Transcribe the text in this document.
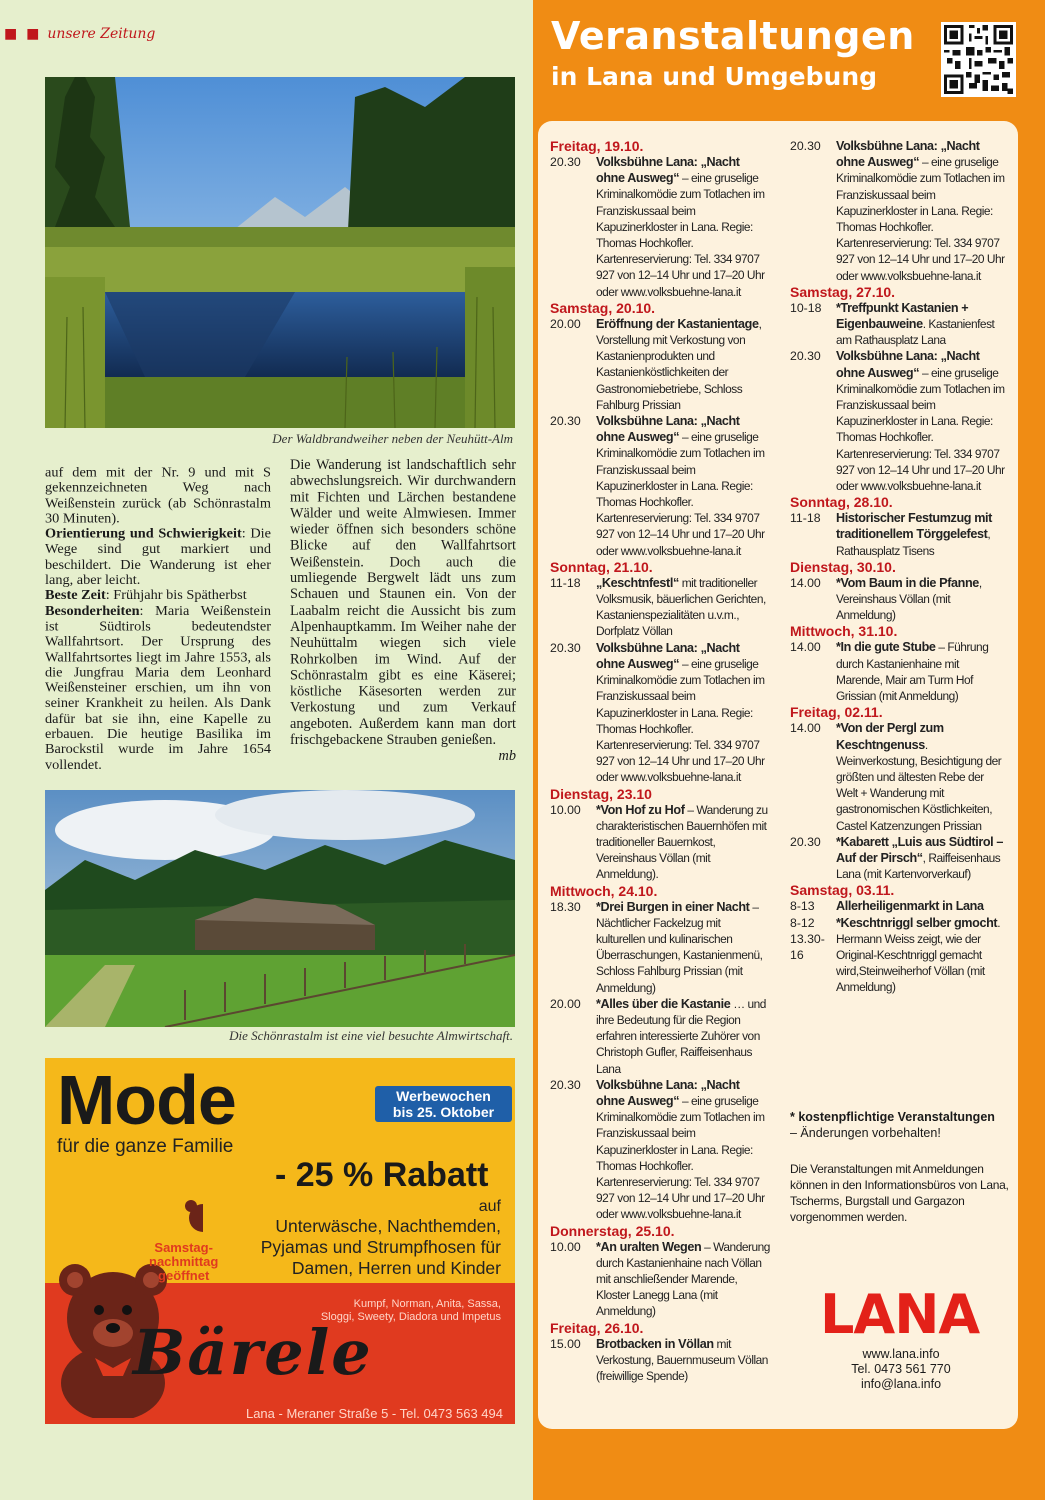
■ ■ unsere Zeitung
Der Waldbrandweiher neben der Neuhütt-Alm

auf dem mit der Nr. 9 und mit S gekennzeichneten Weg nach Weißenstein zurück (ab Schönrastalm 30 Minuten).

Orientierung und Schwierigkeit: Die Wege sind gut markiert und beschildert. Die Wanderung ist eher lang, aber leicht.

Beste Zeit: Frühjahr bis Spätherbst

Besonderheiten: Maria Weißenstein ist Südtirols bedeutendster Wallfahrtsort. Der Ursprung des Wallfahrtsortes liegt im Jahre 1553, als die Jungfrau Maria dem Leonhard Weißensteiner erschien, um ihn von seiner Krankheit zu heilen. Als Dank dafür bat sie ihn, eine Kapelle zu erbauen. Die heutige Basilika im Barockstil wurde im Jahre 1654 vollendet.

Die Wanderung ist landschaftlich sehr abwechslungsreich. Wir durchwandern mit Fichten und Lärchen bestandene Wälder und weite Almwiesen. Immer wieder öffnen sich besonders schöne Blicke auf den Wallfahrtsort Weißenstein. Doch auch die umliegende Bergwelt lädt uns zum Schauen und Staunen ein. Von der Laabalm reicht die Aussicht bis zum Alpenhauptkamm. Im Weiher nahe der Neuhüttalm wiegen sich viele Rohrkolben im Wind. Auf der Schönrastalm gibt es eine Käserei; köstliche Käsesorten werden zur Verkostung und zum Verkauf angeboten. Außerdem kann man dort frischgebackene Strauben genießen.

mb

Die Schönrastalm ist eine viel besuchte Almwirtschaft.
Mode
für die ganze Familie
Werbewochen
bis 25. Oktober
- 25 % Rabatt
auf
Unterwäsche, Nachthemden,
Pyjamas und Strumpfhosen für
Damen, Herren und Kinder
Samstag-
nachmittag
geöffnet
Kumpf, Norman, Anita, Sassa,
Sloggi, Sweety, Diadora und Impetus
Bärele
Lana - Meraner Straße 5 - Tel. 0473 563 494
Veranstaltungen
in Lana und Umgebung
Freitag, 19.10.
20.30	Volksbühne Lana: „Nacht ohne Ausweg“ – eine gruselige Kriminalkomödie zum Totlachen im Franziskussaal beim Kapuzinerkloster in Lana. Regie: Thomas Hochkofler. Kartenreservierung: Tel. 334 9707 927 von 12–14 Uhr und 17–20 Uhr oder www.volksbuehne-lana.it
Samstag, 20.10.
20.00	Eröffnung der Kastanientage, Vorstellung mit Verkostung von Kastanienprodukten und Kastanienköstlichkeiten der Gastronomiebetriebe, Schloss Fahlburg Prissian
20.30	Volksbühne Lana: „Nacht ohne Ausweg“ – eine gruselige Kriminalkomödie zum Totlachen im Franziskussaal beim Kapuzinerkloster in Lana. Regie: Thomas Hochkofler. Kartenreservierung: Tel. 334 9707 927 von 12–14 Uhr und 17–20 Uhr oder www.volksbuehne-lana.it
Sonntag, 21.10.
11-18	„Keschtnfestl“ mit traditioneller Volksmusik, bäuerlichen Gerichten, Kastanienspezialitäten u.v.m., Dorfplatz Völlan
20.30	Volksbühne Lana: „Nacht ohne Ausweg“ – eine gruselige Kriminalkomödie zum Totlachen im Franziskussaal beim Kapuzinerkloster in Lana. Regie: Thomas Hochkofler. Kartenreservierung: Tel. 334 9707 927 von 12–14 Uhr und 17–20 Uhr oder www.volksbuehne-lana.it
Dienstag, 23.10
10.00	*Von Hof zu Hof – Wanderung zu charakteristischen Bauernhöfen mit traditioneller Bauernkost, Vereinshaus Völlan (mit Anmeldung).
Mittwoch, 24.10.
18.30	*Drei Burgen in einer Nacht – Nächtlicher Fackelzug mit kulturellen und kulinarischen Überraschungen, Kastanienmenü, Schloss Fahlburg Prissian (mit Anmeldung)
20.00	*Alles über die Kastanie … und ihre Bedeutung für die Region erfahren interessierte Zuhörer von Christoph Gufler, Raiffeisenhaus Lana
20.30	Volksbühne Lana: „Nacht ohne Ausweg“ – eine gruselige Kriminalkomödie zum Totlachen im Franziskussaal beim Kapuzinerkloster in Lana. Regie: Thomas Hochkofler. Kartenreservierung: Tel. 334 9707 927 von 12–14 Uhr und 17–20 Uhr oder www.volksbuehne-lana.it
Donnerstag, 25.10.
10.00	*An uralten Wegen – Wanderung durch Kastanienhaine nach Völlan mit anschließender Marende, Kloster Lanegg Lana (mit Anmeldung)
Freitag, 26.10.
15.00	Brotbacken in Völlan mit Verkostung, Bauernmuseum Völlan (freiwillige Spende)
20.30	Volksbühne Lana: „Nacht ohne Ausweg“ – eine gruselige Kriminalkomödie zum Totlachen im Franziskussaal beim Kapuzinerkloster in Lana. Regie: Thomas Hochkofler. Kartenreservierung: Tel. 334 9707 927 von 12–14 Uhr und 17–20 Uhr oder www.volksbuehne-lana.it
Samstag, 27.10.
10-18	*Treffpunkt Kastanien + Eigenbauweine. Kastanienfest am Rathausplatz Lana
20.30	Volksbühne Lana: „Nacht ohne Ausweg“ – eine gruselige Kriminalkomödie zum Totlachen im Franziskussaal beim Kapuzinerkloster in Lana. Regie: Thomas Hochkofler. Kartenreservierung: Tel. 334 9707 927 von 12–14 Uhr und 17–20 Uhr oder www.volksbuehne-lana.it
Sonntag, 28.10.
11-18	Historischer Festumzug mit traditionellem Törggelefest, Rathausplatz Tisens
Dienstag, 30.10.
14.00	*Vom Baum in die Pfanne, Vereinshaus Völlan (mit Anmeldung)
Mittwoch, 31.10.
14.00	*In die gute Stube – Führung durch Kastanienhaine mit Marende, Mair am Turm Hof Grissian (mit Anmeldung)
Freitag, 02.11.
14.00	*Von der Pergl zum Keschtngenuss. Weinverkostung, Besichtigung der größten und ältesten Rebe der Welt + Wanderung mit gastronomischen Köstlichkeiten, Castel Katzenzungen Prissian
20.30	*Kabarett „Luis aus Südtirol – Auf der Pirsch“, Raiffeisenhaus Lana (mit Kartenvorverkauf)
Samstag, 03.11.
8-13	Allerheiligenmarkt in Lana
8-12	*Keschtnriggl selber gmocht.
13.30-16
Hermann Weiss zeigt, wie der Original-Keschtnriggl gemacht wird,Steinweiherhof Völlan (mit Anmeldung)
* kostenpflichtige Veranstaltungen
– Änderungen vorbehalten!
Die Veranstaltungen mit Anmeldungen können in den Informationsbüros von Lana, Tscherms, Burgstall und Gargazon vorgenommen werden.
LANA
www.lana.info
Tel. 0473 561 770
info@lana.info
